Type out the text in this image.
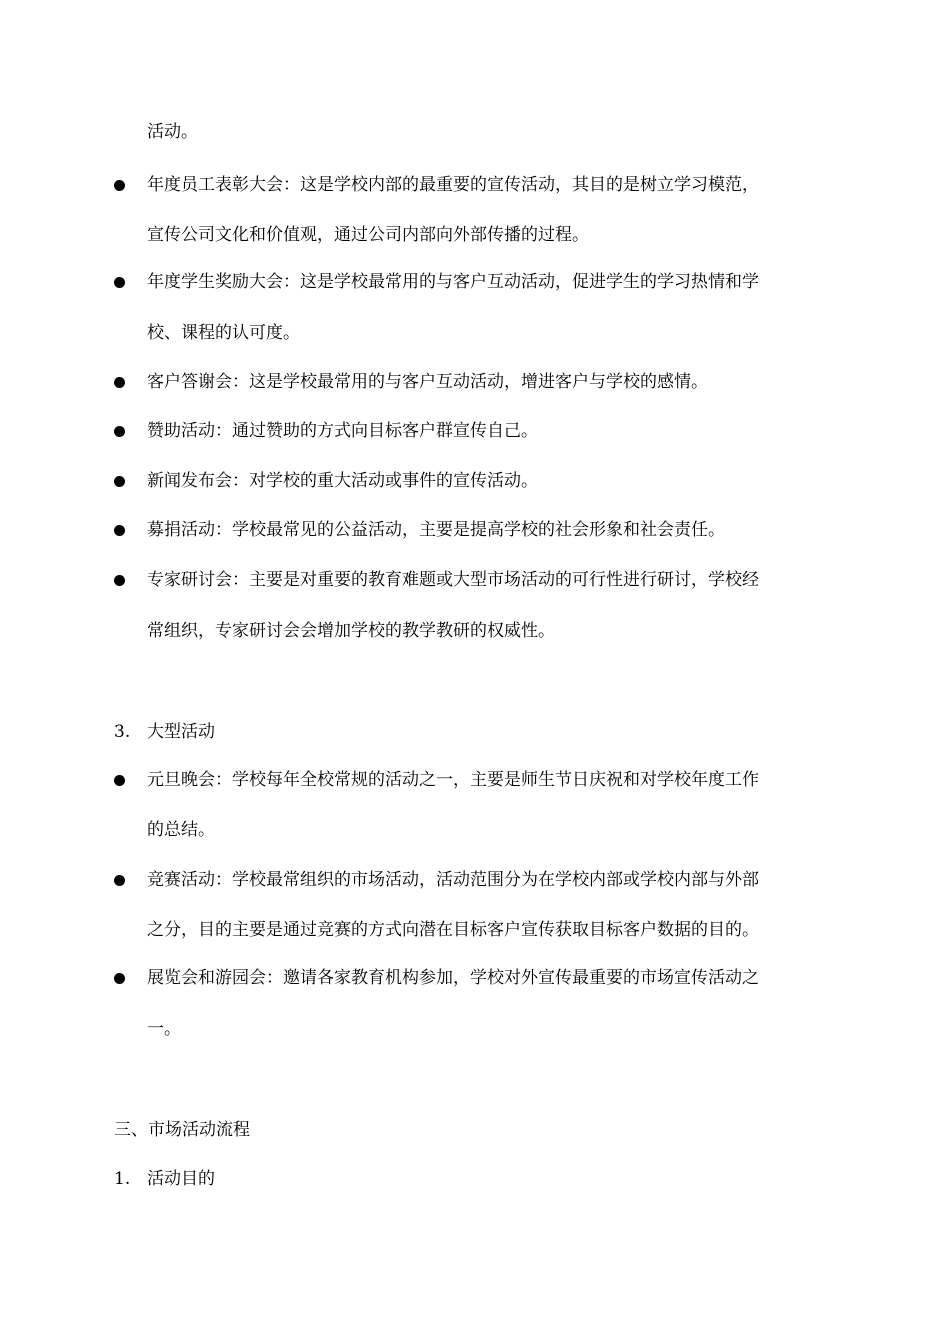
活动。
年度员工表彰大会：这是学校内部的最重要的宣传活动，其目的是树立学习模范，
宣传公司文化和价值观，通过公司内部向外部传播的过程。
年度学生奖励大会：这是学校最常用的与客户互动活动，促进学生的学习热情和学
校、课程的认可度。
客户答谢会：这是学校最常用的与客户互动活动，增进客户与学校的感情。
赞助活动：通过赞助的方式向目标客户群宣传自己。
新闻发布会：对学校的重大活动或事件的宣传活动。
募捐活动：学校最常见的公益活动，主要是提高学校的社会形象和社会责任。
专家研讨会：主要是对重要的教育难题或大型市场活动的可行性进行研讨，学校经
常组织，专家研讨会会增加学校的教学教研的权威性。
3. 大型活动
元旦晚会：学校每年全校常规的活动之一，主要是师生节日庆祝和对学校年度工作
的总结。
竞赛活动：学校最常组织的市场活动，活动范围分为在学校内部或学校内部与外部
之分，目的主要是通过竞赛的方式向潜在目标客户宣传获取目标客户数据的目的。
展览会和游园会：邀请各家教育机构参加，学校对外宣传最重要的市场宣传活动之
一。
三、市场活动流程
1. 活动目的
